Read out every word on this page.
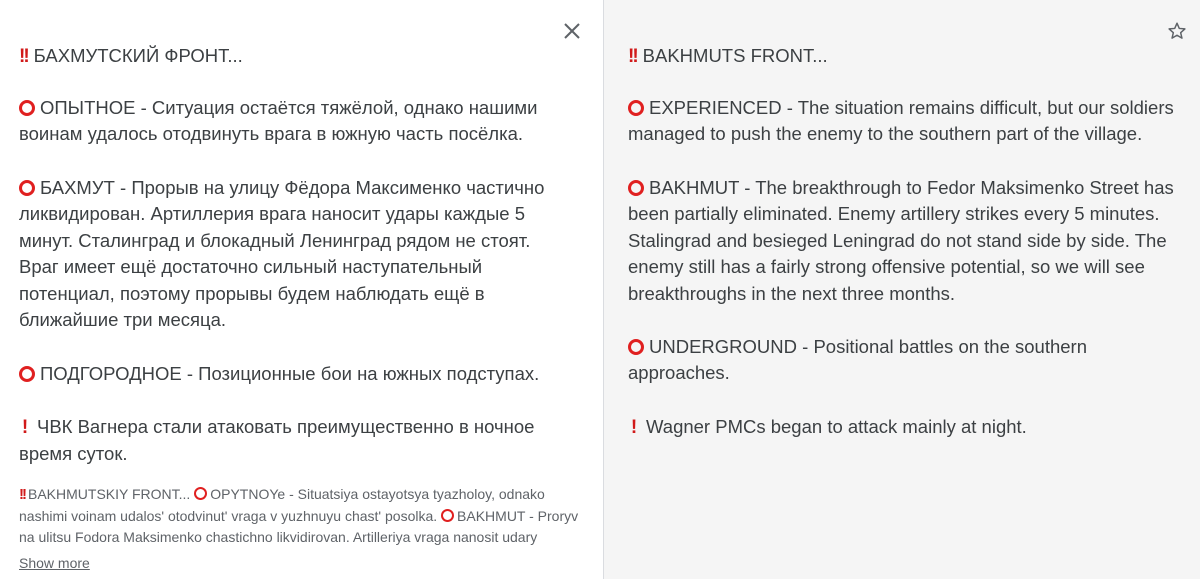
!! БАХМУТСКИЙ ФРОНТ...

ОПЫТНОЕ - Ситуация остаётся тяжёлой, однако нашими воинам удалось отодвинуть врага в южную часть посёлка.

БАХМУТ - Прорыв на улицу Фёдора Максименко частично ликвидирован. Артиллерия врага наносит удары каждые 5 минут. Сталинград и блокадный Ленинград рядом не стоят. Враг имеет ещё достаточно сильный наступательный потенциал, поэтому прорывы будем наблюдать ещё в ближайшие три месяца.

ПОДГОРОДНОЕ - Позиционные бои на южных подступах.

! ЧВК Вагнера стали атаковать преимущественно в ночное время суток.

!! BAKHMUTSKIY FRONT... OPYTNOYe - Situatsiya ostayotsya tyazholoy, odnako nashimi voinam udalos' otodvinut' vraga v yuzhnuyu chast' posolka. BAKHMUT - Proryv na ulitsu Fodora Maksimenko chastichno likvidirovan. Artilleriya vraga nanosit udary
Show more

!! BAKHMUTS FRONT...

EXPERIENCED - The situation remains difficult, but our soldiers managed to push the enemy to the southern part of the village.

BAKHMUT - The breakthrough to Fedor Maksimenko Street has been partially eliminated. Enemy artillery strikes every 5 minutes. Stalingrad and besieged Leningrad do not stand side by side. The enemy still has a fairly strong offensive potential, so we will see breakthroughs in the next three months.

UNDERGROUND - Positional battles on the southern approaches.

! Wagner PMCs began to attack mainly at night.
